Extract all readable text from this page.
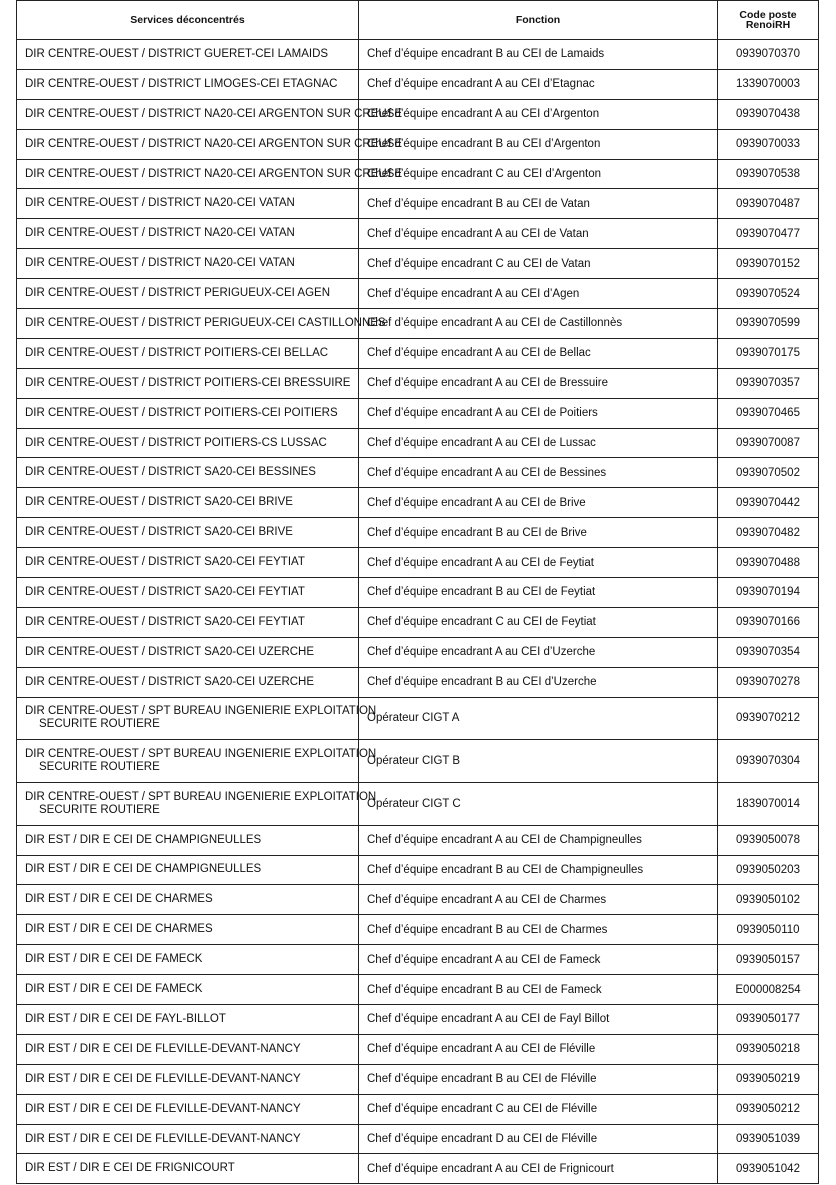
Services déconcentrés	Fonction	Code poste
RenoiRH

DIR CENTRE-OUEST / DISTRICT GUERET-CEI LAMAIDS	Chef d’équipe encadrant B au CEI de Lamaids	0939070370

DIR CENTRE-OUEST / DISTRICT LIMOGES-CEI ETAGNAC	Chef d’équipe encadrant A au CEI d’Etagnac	1339070003

DIR CENTRE-OUEST / DISTRICT NA20-CEI ARGENTON SUR CREUSE	Chef d’équipe encadrant A au CEI d’Argenton	0939070438

DIR CENTRE-OUEST / DISTRICT NA20-CEI ARGENTON SUR CREUSE	Chef d’équipe encadrant B au CEI d’Argenton	0939070033

DIR CENTRE-OUEST / DISTRICT NA20-CEI ARGENTON SUR CREUSE	Chef d’équipe encadrant C au CEI d’Argenton	0939070538

DIR CENTRE-OUEST / DISTRICT NA20-CEI VATAN	Chef d’équipe encadrant B au CEI de Vatan	0939070487

DIR CENTRE-OUEST / DISTRICT NA20-CEI VATAN	Chef d’équipe encadrant A au CEI de Vatan	0939070477

DIR CENTRE-OUEST / DISTRICT NA20-CEI VATAN	Chef d’équipe encadrant C au CEI de Vatan	0939070152

DIR CENTRE-OUEST / DISTRICT PERIGUEUX-CEI AGEN	Chef d’équipe encadrant A au CEI d’Agen	0939070524

DIR CENTRE-OUEST / DISTRICT PERIGUEUX-CEI CASTILLONNES	Chef d’équipe encadrant A au CEI de Castillonnès	0939070599

DIR CENTRE-OUEST / DISTRICT POITIERS-CEI BELLAC	Chef d’équipe encadrant A au CEI de Bellac	0939070175

DIR CENTRE-OUEST / DISTRICT POITIERS-CEI BRESSUIRE	Chef d’équipe encadrant A au CEI de Bressuire	0939070357

DIR CENTRE-OUEST / DISTRICT POITIERS-CEI POITIERS	Chef d’équipe encadrant A au CEI de Poitiers	0939070465

DIR CENTRE-OUEST / DISTRICT POITIERS-CS LUSSAC	Chef d’équipe encadrant A au CEI de Lussac	0939070087

DIR CENTRE-OUEST / DISTRICT SA20-CEI BESSINES	Chef d’équipe encadrant A au CEI de Bessines	0939070502

DIR CENTRE-OUEST / DISTRICT SA20-CEI BRIVE	Chef d’équipe encadrant A au CEI de Brive	0939070442

DIR CENTRE-OUEST / DISTRICT SA20-CEI BRIVE	Chef d’équipe encadrant B au CEI de Brive	0939070482

DIR CENTRE-OUEST / DISTRICT SA20-CEI FEYTIAT	Chef d’équipe encadrant A au CEI de Feytiat	0939070488

DIR CENTRE-OUEST / DISTRICT SA20-CEI FEYTIAT	Chef d’équipe encadrant B au CEI de Feytiat	0939070194

DIR CENTRE-OUEST / DISTRICT SA20-CEI FEYTIAT	Chef d’équipe encadrant C au CEI de Feytiat	0939070166

DIR CENTRE-OUEST / DISTRICT SA20-CEI UZERCHE	Chef d’équipe encadrant A au CEI d’Uzerche	0939070354

DIR CENTRE-OUEST / DISTRICT SA20-CEI UZERCHE	Chef d’équipe encadrant B au CEI d’Uzerche	0939070278

DIR CENTRE-OUEST / SPT BUREAU INGENIERIE EXPLOITATION
SECURITE ROUTIERE	Opérateur CIGT A	0939070212

DIR CENTRE-OUEST / SPT BUREAU INGENIERIE EXPLOITATION
SECURITE ROUTIERE	Opérateur CIGT B	0939070304

DIR CENTRE-OUEST / SPT BUREAU INGENIERIE EXPLOITATION
SECURITE ROUTIERE	Opérateur CIGT C	1839070014

DIR EST / DIR E CEI DE CHAMPIGNEULLES	Chef d’équipe encadrant A au CEI de Champigneulles	0939050078

DIR EST / DIR E CEI DE CHAMPIGNEULLES	Chef d’équipe encadrant B au CEI de Champigneulles	0939050203

DIR EST / DIR E CEI DE CHARMES	Chef d’équipe encadrant A au CEI de Charmes	0939050102

DIR EST / DIR E CEI DE CHARMES	Chef d’équipe encadrant B au CEI de Charmes	0939050110

DIR EST / DIR E CEI DE FAMECK	Chef d’équipe encadrant A au CEI de Fameck	0939050157

DIR EST / DIR E CEI DE FAMECK	Chef d’équipe encadrant B au CEI de Fameck	E000008254

DIR EST / DIR E CEI DE FAYL-BILLOT	Chef d’équipe encadrant A au CEI de Fayl Billot	0939050177

DIR EST / DIR E CEI DE FLEVILLE-DEVANT-NANCY	Chef d’équipe encadrant A au CEI de Fléville	0939050218

DIR EST / DIR E CEI DE FLEVILLE-DEVANT-NANCY	Chef d’équipe encadrant B au CEI de Fléville	0939050219

DIR EST / DIR E CEI DE FLEVILLE-DEVANT-NANCY	Chef d’équipe encadrant C au CEI de Fléville	0939050212

DIR EST / DIR E CEI DE FLEVILLE-DEVANT-NANCY	Chef d’équipe encadrant D au CEI de Fléville	0939051039

DIR EST / DIR E CEI DE FRIGNICOURT	Chef d’équipe encadrant A au CEI de Frignicourt	0939051042
